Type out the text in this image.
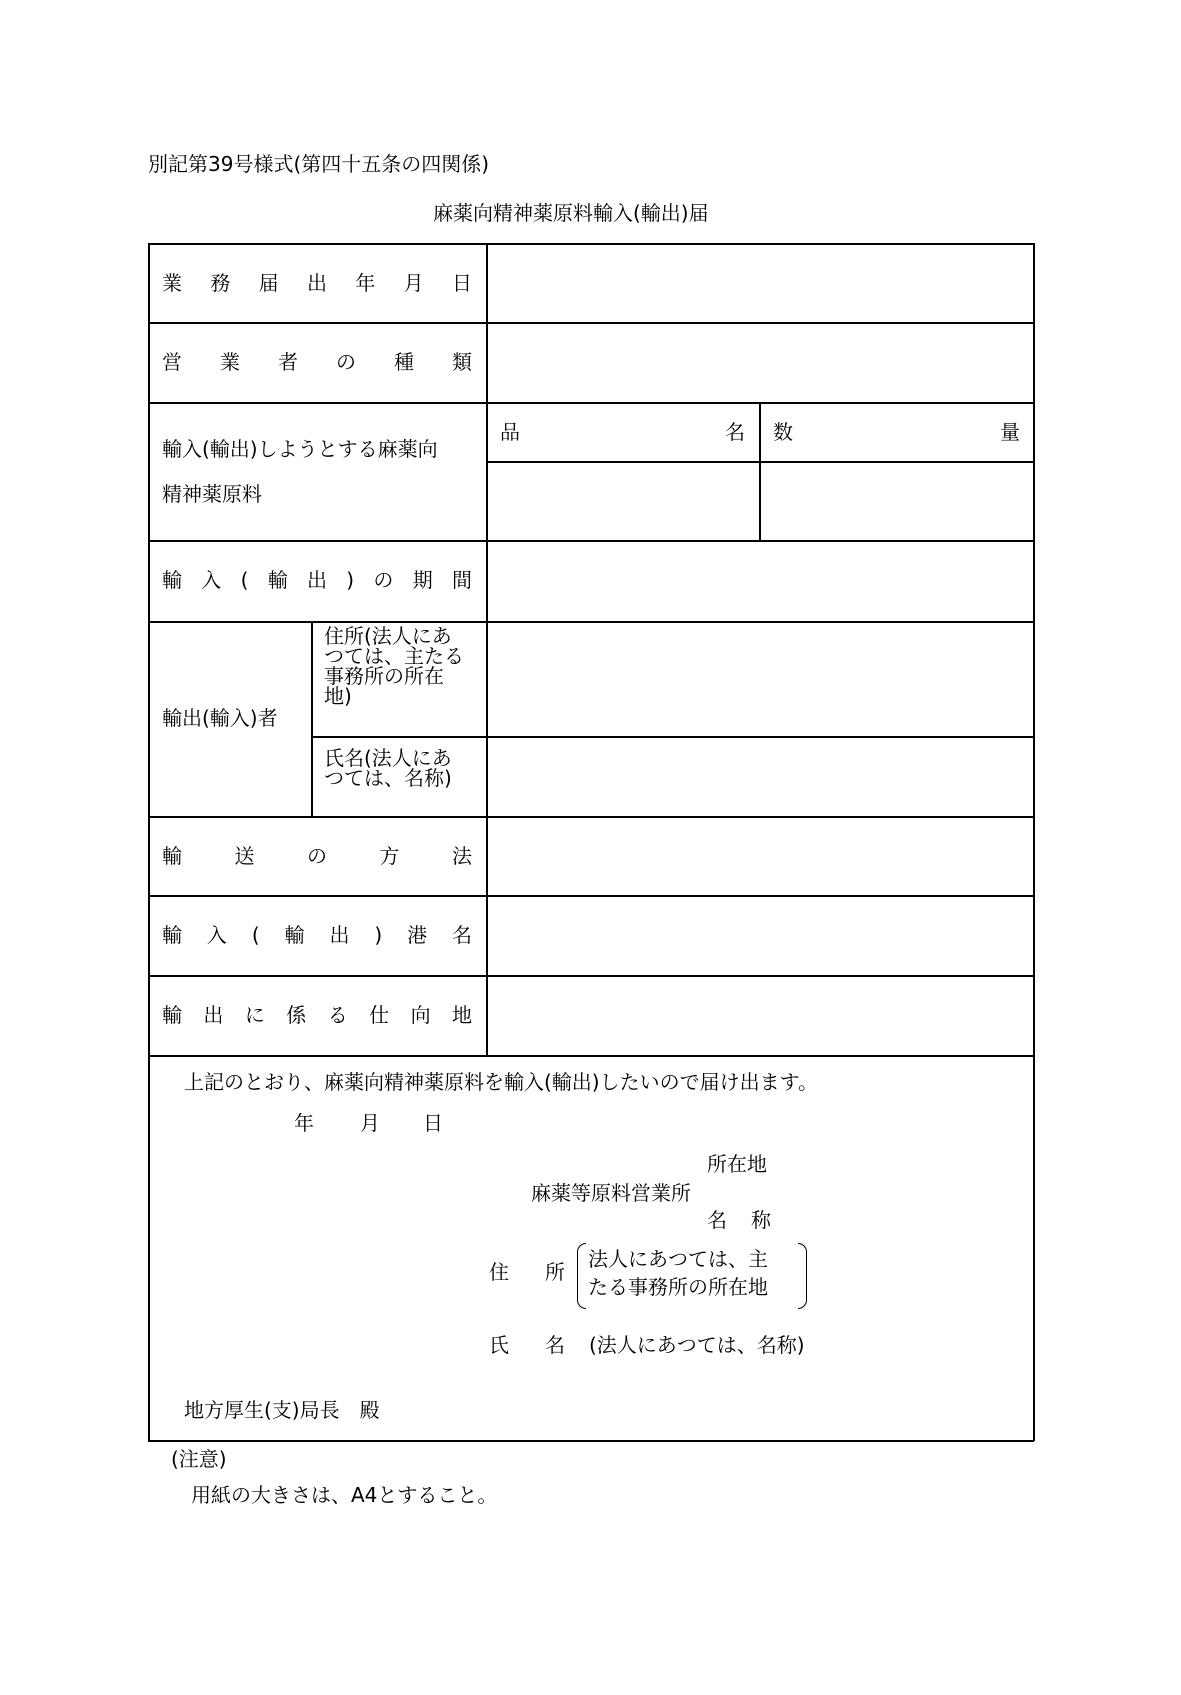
別記第39号様式(第四十五条の四関係)
麻薬向精神薬原料輸入(輸出)届
業務届出年月日
営業者の種類
輸入(輸出)しようとする麻薬向
精神薬原料
品名 数量
輸入(輸出)の期間
輸出(輸入)者
住所(法人にあ
つては、主たる
事務所の所在
地)
氏名(法人にあ
つては、名称)
輸送の方法
輸入(輸出)港名
輸出に係る仕向地
上記のとおり、麻薬向精神薬原料を輸入(輸出)したいので届け出ます。
年 月 日
所在地
麻薬等原料営業所
名 称
住 所
法人にあつては、主
たる事務所の所在地
氏 名 (法人にあつては、名称)
地方厚生(支)局長　殿
(注意)
用紙の大きさは、A4とすること。
